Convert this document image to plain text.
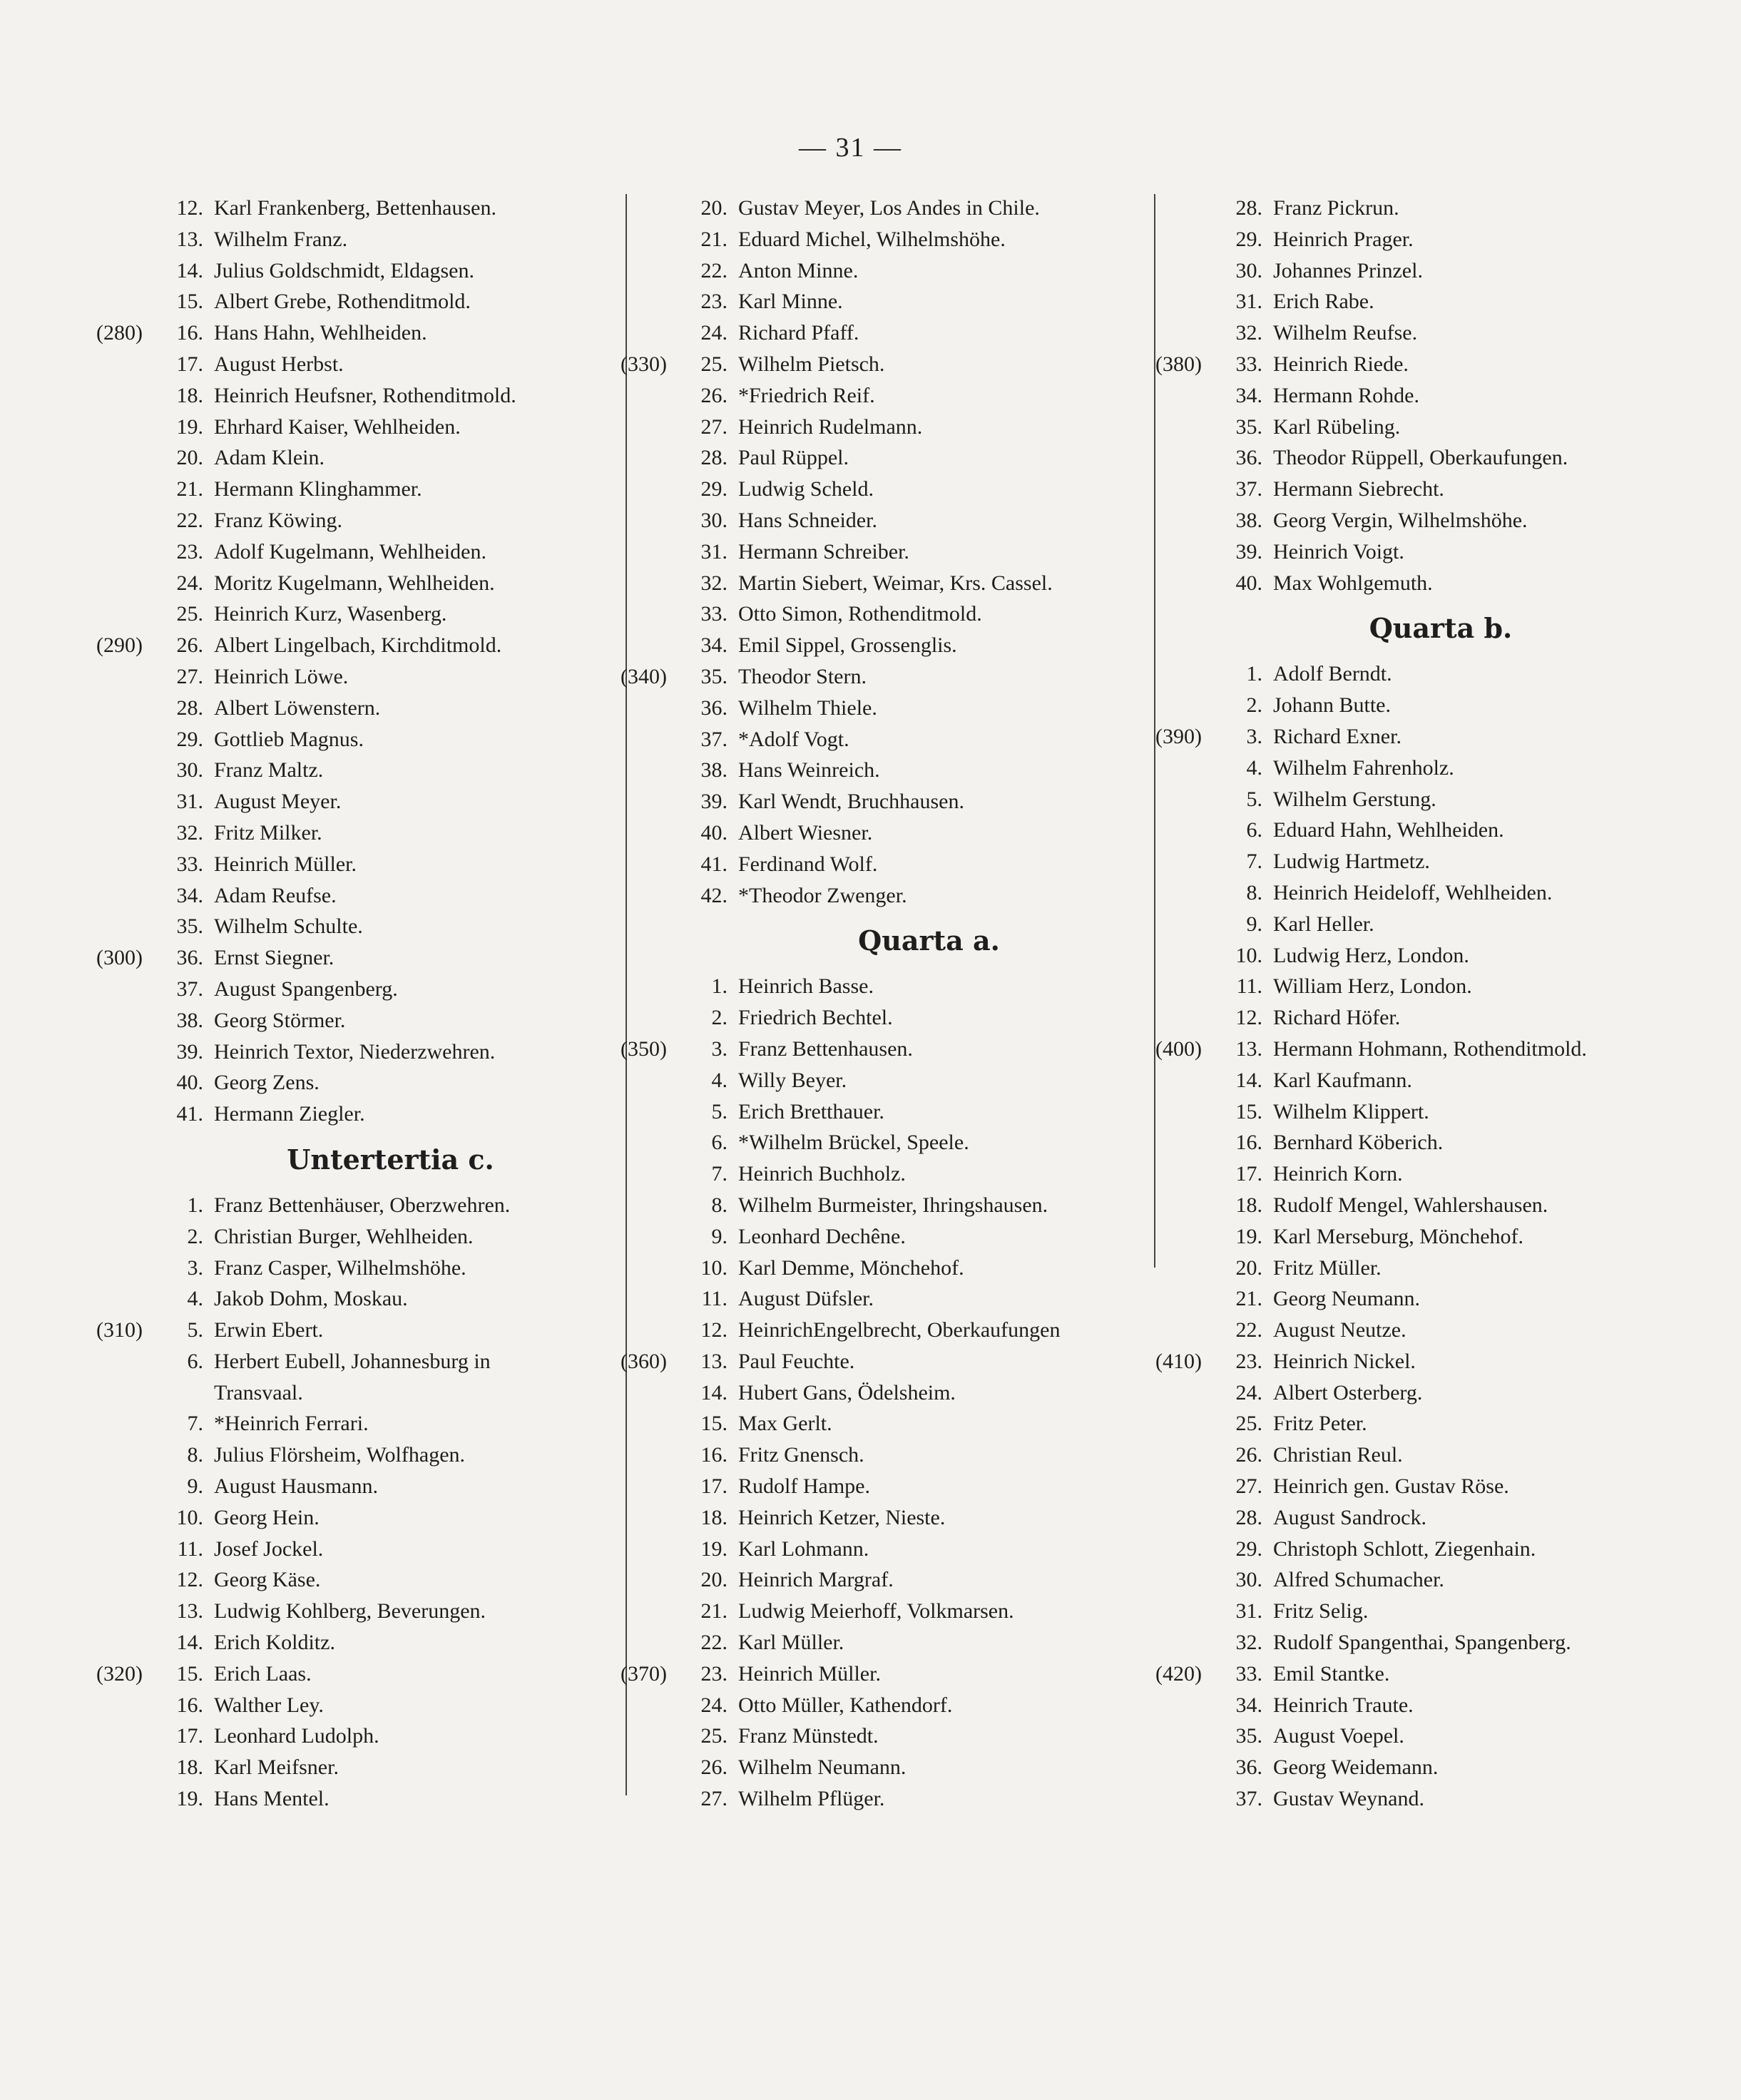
— 31 —
12. Karl Frankenberg, Bettenhausen.
13. Wilhelm Franz.
14. Julius Goldschmidt, Eldagsen.
15. Albert Grebe, Rothenditmold.
(280)	16. Hans Hahn, Wehlheiden.
17. August Herbst.
18. Heinrich Heufsner, Rothenditmold.
19. Ehrhard Kaiser, Wehlheiden.
20. Adam Klein.
21. Hermann Klinghammer.
22. Franz Köwing.
23. Adolf Kugelmann, Wehlheiden.
24. Moritz Kugelmann, Wehlheiden.
25. Heinrich Kurz, Wasenberg.
(290)	26. Albert Lingelbach, Kirchditmold.
27. Heinrich Löwe.
28. Albert Löwenstern.
29. Gottlieb Magnus.
30. Franz Maltz.
31. August Meyer.
32. Fritz Milker.
33. Heinrich Müller.
34. Adam Reufse.
35. Wilhelm Schulte.
(300)	36. Ernst Siegner.
37. August Spangenberg.
38. Georg Störmer.
39. Heinrich Textor, Niederzwehren.
40. Georg Zens.
41. Hermann Ziegler.
Untertertia c.
1. Franz Bettenhäuser, Oberzwehren.
2. Christian Burger, Wehlheiden.
3. Franz Casper, Wilhelmshöhe.
4. Jakob Dohm, Moskau.
(310)	5. Erwin Ebert.
6. Herbert Eubell, Johannesburg in
Transvaal.
7. *Heinrich Ferrari.
8. Julius Flörsheim, Wolfhagen.
9. August Hausmann.
10. Georg Hein.
11. Josef Jockel.
12. Georg Käse.
13. Ludwig Kohlberg, Beverungen.
14. Erich Kolditz.
(320)	15. Erich Laas.
16. Walther Ley.
17. Leonhard Ludolph.
18. Karl Meifsner.
19. Hans Mentel.
20. Gustav Meyer, Los Andes in Chile.
21. Eduard Michel, Wilhelmshöhe.
22. Anton Minne.
23. Karl Minne.
24. Richard Pfaff.
(330)	25. Wilhelm Pietsch.
26. *Friedrich Reif.
27. Heinrich Rudelmann.
28. Paul Rüppel.
29. Ludwig Scheld.
30. Hans Schneider.
31. Hermann Schreiber.
32. Martin Siebert, Weimar, Krs. Cassel.
33. Otto Simon, Rothenditmold.
34. Emil Sippel, Grossenglis.
(340)	35. Theodor Stern.
36. Wilhelm Thiele.
37. *Adolf Vogt.
38. Hans Weinreich.
39. Karl Wendt, Bruchhausen.
40. Albert Wiesner.
41. Ferdinand Wolf.
42. *Theodor Zwenger.
Quarta a.
1. Heinrich Basse.
2. Friedrich Bechtel.
(350)	3. Franz Bettenhausen.
4. Willy Beyer.
5. Erich Bretthauer.
6. *Wilhelm Brückel, Speele.
7. Heinrich Buchholz.
8. Wilhelm Burmeister, Ihringshausen.
9. Leonhard Dechêne.
10. Karl Demme, Mönchehof.
11. August Düfsler.
12. HeinrichEngelbrecht, Oberkaufungen
(360)	13. Paul Feuchte.
14. Hubert Gans, Ödelsheim.
15. Max Gerlt.
16. Fritz Gnensch.
17. Rudolf Hampe.
18. Heinrich Ketzer, Nieste.
19. Karl Lohmann.
20. Heinrich Margraf.
21. Ludwig Meierhoff, Volkmarsen.
22. Karl Müller.
(370)	23. Heinrich Müller.
24. Otto Müller, Kathendorf.
25. Franz Münstedt.
26. Wilhelm Neumann.
27. Wilhelm Pflüger.
28. Franz Pickrun.
29. Heinrich Prager.
30. Johannes Prinzel.
31. Erich Rabe.
32. Wilhelm Reufse.
(380)	33. Heinrich Riede.
34. Hermann Rohde.
35. Karl Rübeling.
36. Theodor Rüppell, Oberkaufungen.
37. Hermann Siebrecht.
38. Georg Vergin, Wilhelmshöhe.
39. Heinrich Voigt.
40. Max Wohlgemuth.
Quarta b.
1. Adolf Berndt.
2. Johann Butte.
(390)	3. Richard Exner.
4. Wilhelm Fahrenholz.
5. Wilhelm Gerstung.
6. Eduard Hahn, Wehlheiden.
7. Ludwig Hartmetz.
8. Heinrich Heideloff, Wehlheiden.
9. Karl Heller.
10. Ludwig Herz, London.
11. William Herz, London.
12. Richard Höfer.
(400)	13. Hermann Hohmann, Rothenditmold.
14. Karl Kaufmann.
15. Wilhelm Klippert.
16. Bernhard Köberich.
17. Heinrich Korn.
18. Rudolf Mengel, Wahlershausen.
19. Karl Merseburg, Mönchehof.
20. Fritz Müller.
21. Georg Neumann.
22. August Neutze.
(410)	23. Heinrich Nickel.
24. Albert Osterberg.
25. Fritz Peter.
26. Christian Reul.
27. Heinrich gen. Gustav Röse.
28. August Sandrock.
29. Christoph Schlott, Ziegenhain.
30. Alfred Schumacher.
31. Fritz Selig.
32. Rudolf Spangenthai, Spangenberg.
(420)	33. Emil Stantke.
34. Heinrich Traute.
35. August Voepel.
36. Georg Weidemann.
37. Gustav Weynand.
